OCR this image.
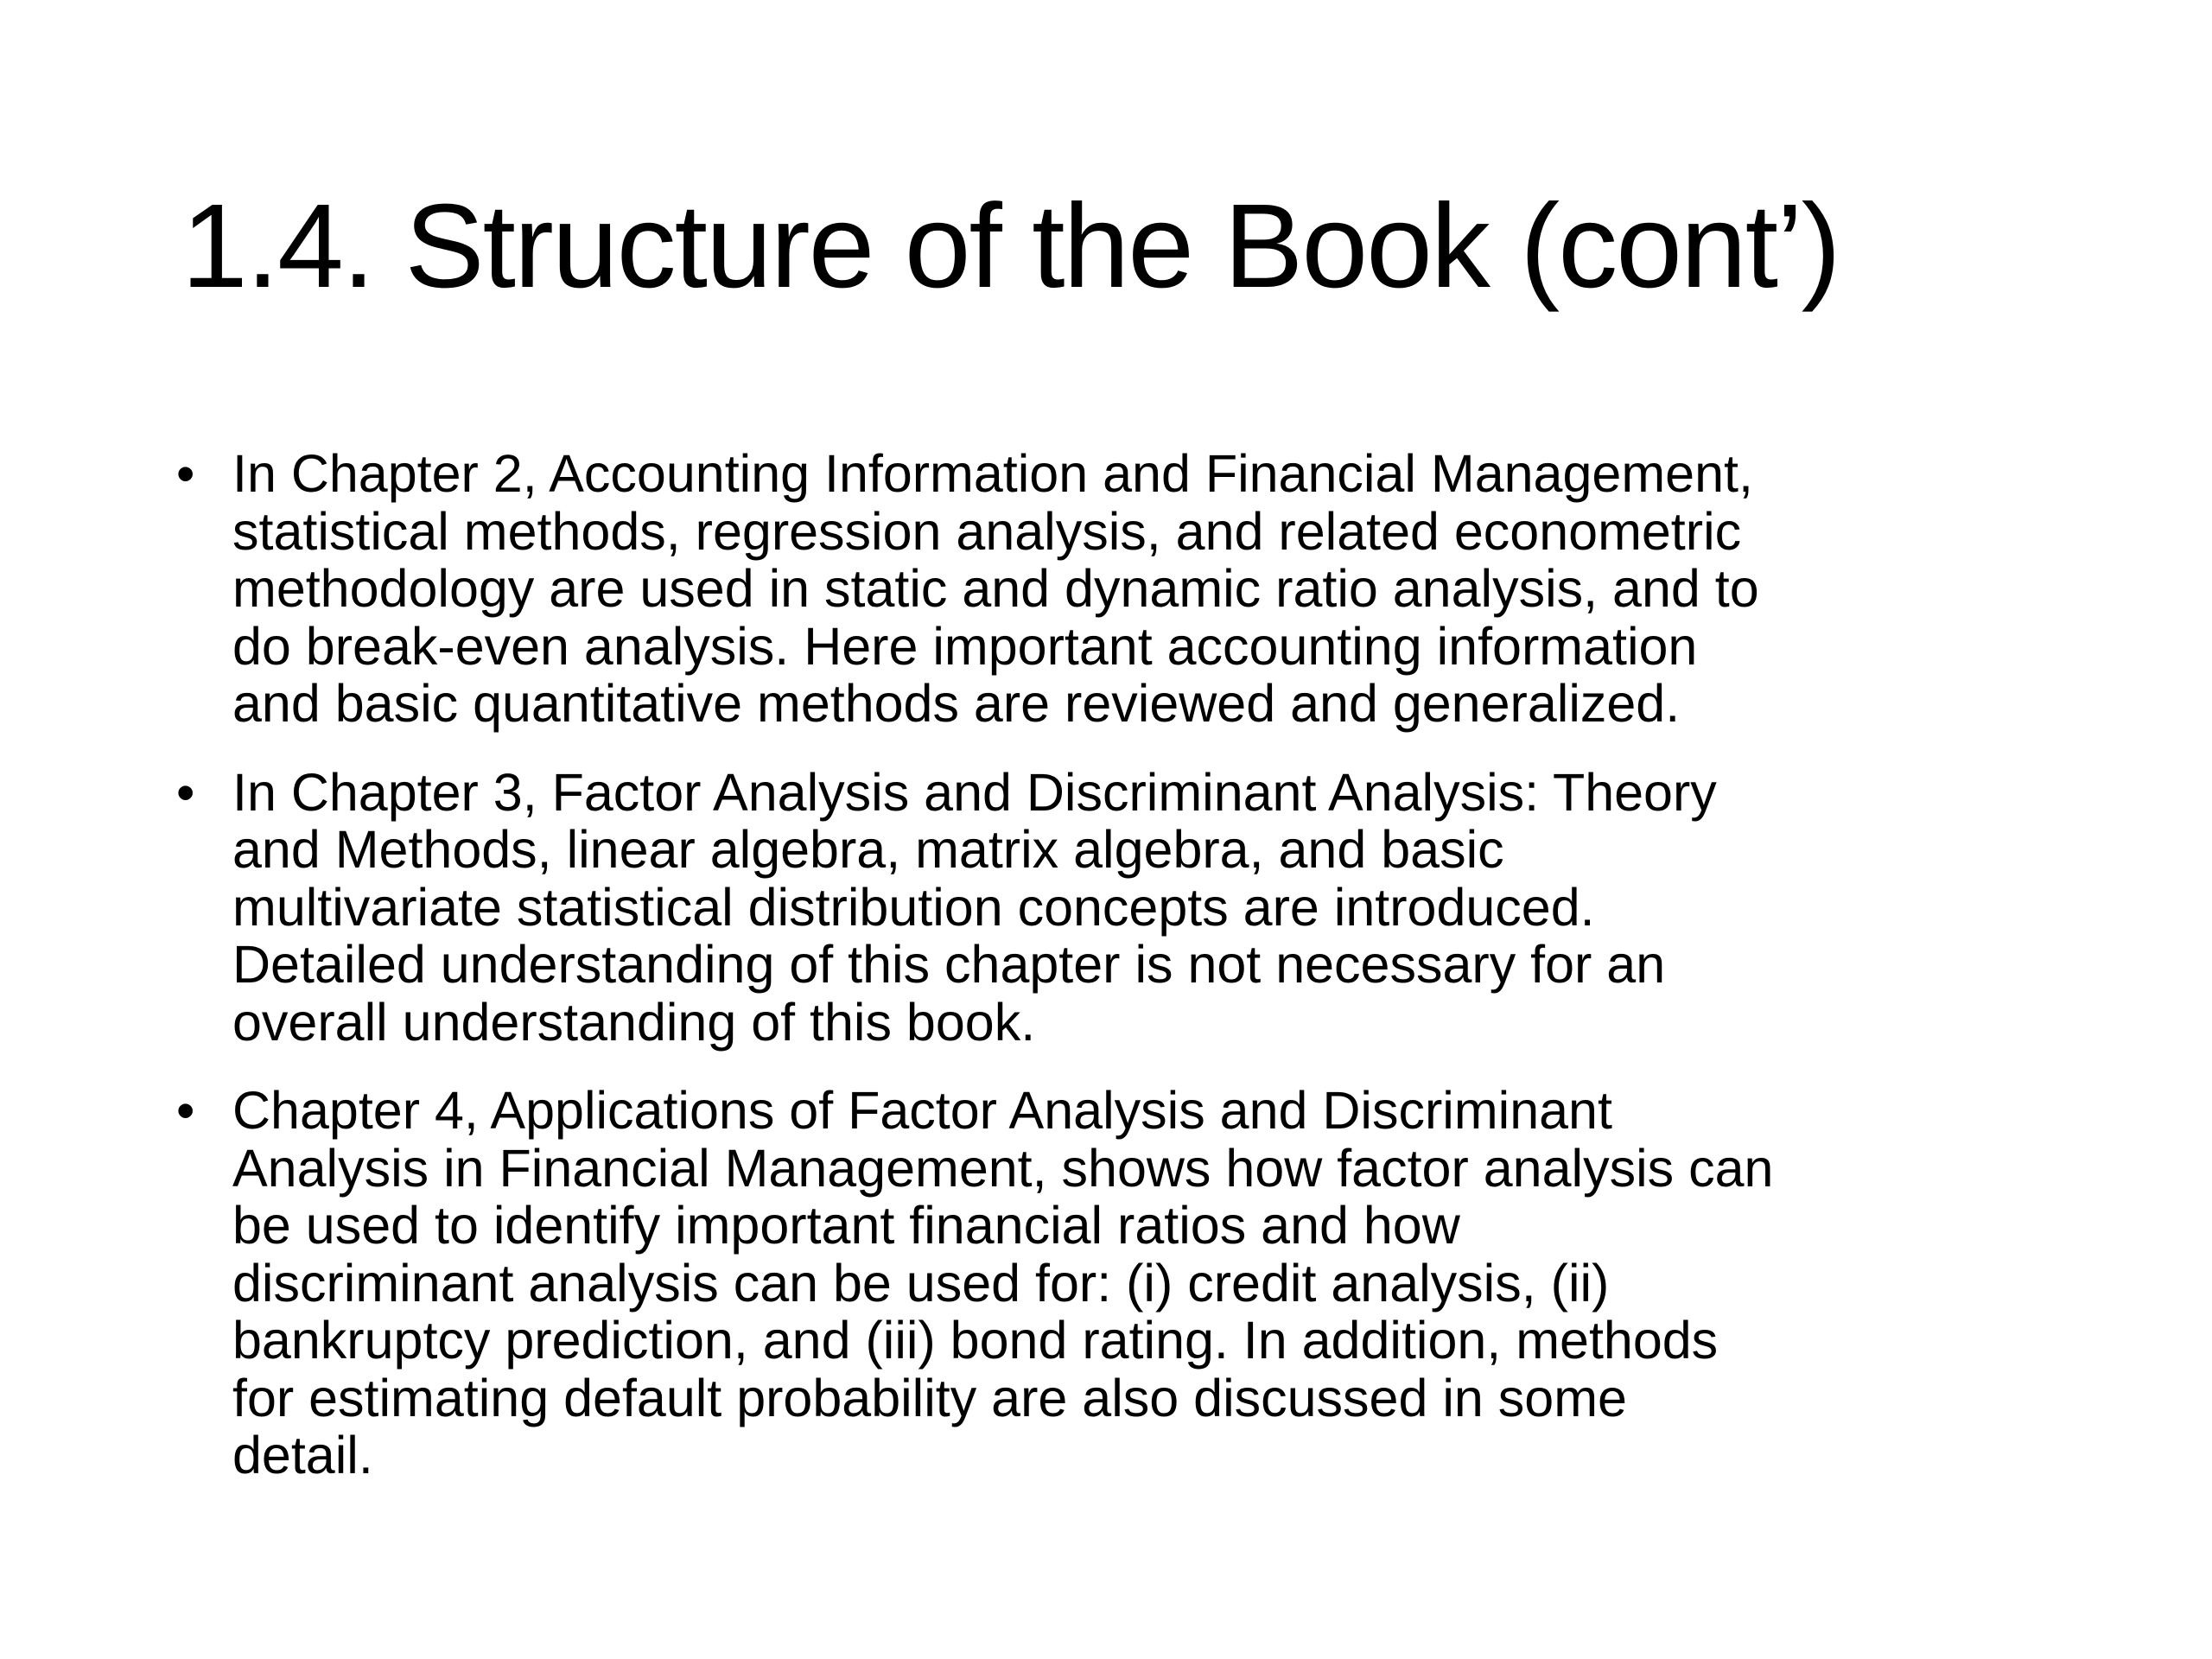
1.4. Structure of the Book (cont’)
• In Chapter 2, Accounting Information and Financial Management,
statistical methods, regression analysis, and related econometric
methodology are used in static and dynamic ratio analysis, and to
do break-even analysis. Here important accounting information
and basic quantitative methods are reviewed and generalized.
• In Chapter 3, Factor Analysis and Discriminant Analysis: Theory
and Methods, linear algebra, matrix algebra, and basic
multivariate statistical distribution concepts are introduced.
Detailed understanding of this chapter is not necessary for an
overall understanding of this book.
• Chapter 4, Applications of Factor Analysis and Discriminant
Analysis in Financial Management, shows how factor analysis can
be used to identify important financial ratios and how
discriminant analysis can be used for: (i) credit analysis, (ii)
bankruptcy prediction, and (iii) bond rating. In addition, methods
for estimating default probability are also discussed in some
detail.
